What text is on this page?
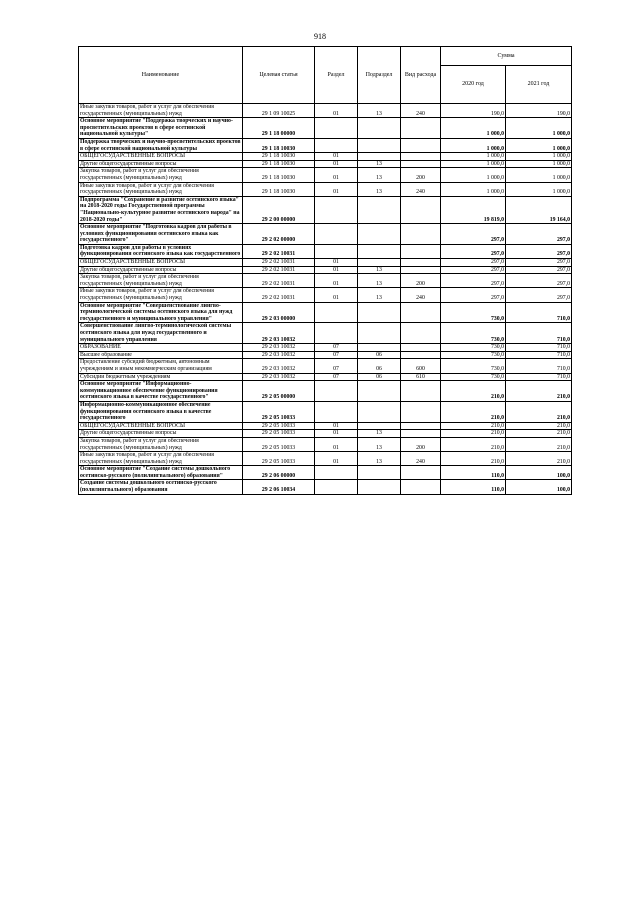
918
Наименование	Целевая статья	Раздел	Подраздел	Вид расхода	Сумма	
					2020 год	2021 год
Иные закупки товаров, работ и услуг для обеспечения государственных (муниципальных) нужд	29 1 09 10025	01	13	240	190,0	190,0
Основное мероприятие "Поддержка творческих и научно-просветительских проектов в сфере осетинской национальной культуры"	29 1 18 00000				1 000,0	1 000,0
Поддержка творческих и научно-просветительских проектов в сфере осетинской национальной культуры	29 1 18 10030				1 000,0	1 000,0
ОБЩЕГОСУДАРСТВЕННЫЕ ВОПРОСЫ	29 1 18 10030	01			1 000,0	1 000,0
Другие общегосударственные вопросы	29 1 18 10030	01	13		1 000,0	1 000,0
Закупка товаров, работ и услуг для обеспечения государственных (муниципальных) нужд	29 1 18 10030	01	13	200	1 000,0	1 000,0
Иные закупки товаров, работ и услуг для обеспечения государственных (муниципальных) нужд	29 1 18 10030	01	13	240	1 000,0	1 000,0
Подпрограмма "Сохранение и развитие осетинского языка" на 2018-2020 годы Государственной программы "Национально-культурное развитие осетинского народа" на 2018-2020 годы"	29 2 00 00000				19 819,0	19 164,0
Основное мероприятие "Подготовка кадров для работы в условиях функционирования осетинского языка как государственного"	29 2 02 00000				297,0	297,0
Подготовка кадров для работы в условиях функционирования осетинского языка как государственного	29 2 02 10031				297,0	297,0
ОБЩЕГОСУДАРСТВЕННЫЕ ВОПРОСЫ	29 2 02 10031	01			297,0	297,0
Другие общегосударственные вопросы	29 2 02 10031	01	13		297,0	297,0
Закупка товаров, работ и услуг для обеспечения государственных (муниципальных) нужд	29 2 02 10031	01	13	200	297,0	297,0
Иные закупки товаров, работ и услуг для обеспечения государственных (муниципальных) нужд	29 2 02 10031	01	13	240	297,0	297,0
Основное мероприятие "Совершенствование лингво-терминологической системы осетинского языка для нужд государственного и муниципального управления"	29 2 03 00000				730,0	710,0
Совершенствование лингво-терминологической системы осетинского языка для нужд государственного и муниципального управления	29 2 03 10032				730,0	710,0
ОБРАЗОВАНИЕ	29 2 03 10032	07			730,0	710,0
Высшее образование	29 2 03 10032	07	06		730,0	710,0
Предоставление субсидий бюджетным, автономным учреждениям и иным некоммерческим организациям	29 2 03 10032	07	06	600	730,0	710,0
Субсидии бюджетным учреждениям	29 2 03 10032	07	06	610	730,0	710,0
Основное мероприятие "Информационно-коммуникационное обеспечение функционирования осетинского языка в качестве государственного"	29 2 05 00000				210,0	210,0
Информационно-коммуникационное обеспечение функционирования осетинского языка в качестве государственного	29 2 05 10033				210,0	210,0
ОБЩЕГОСУДАРСТВЕННЫЕ ВОПРОСЫ	29 2 05 10033	01			210,0	210,0
Другие общегосударственные вопросы	29 2 05 10033	01	13		210,0	210,0
Закупка товаров, работ и услуг для обеспечения государственных (муниципальных) нужд	29 2 05 10033	01	13	200	210,0	210,0
Иные закупки товаров, работ и услуг для обеспечения государственных (муниципальных) нужд	29 2 05 10033	01	13	240	210,0	210,0
Основное мероприятие "Создание системы дошкольного осетинско-русского (полилингвального) образования"	29 2 06 00000				110,0	100,0
Создание системы дошкольного осетинско-русского (полилингвального) образования	29 2 06 10034				110,0	100,0
